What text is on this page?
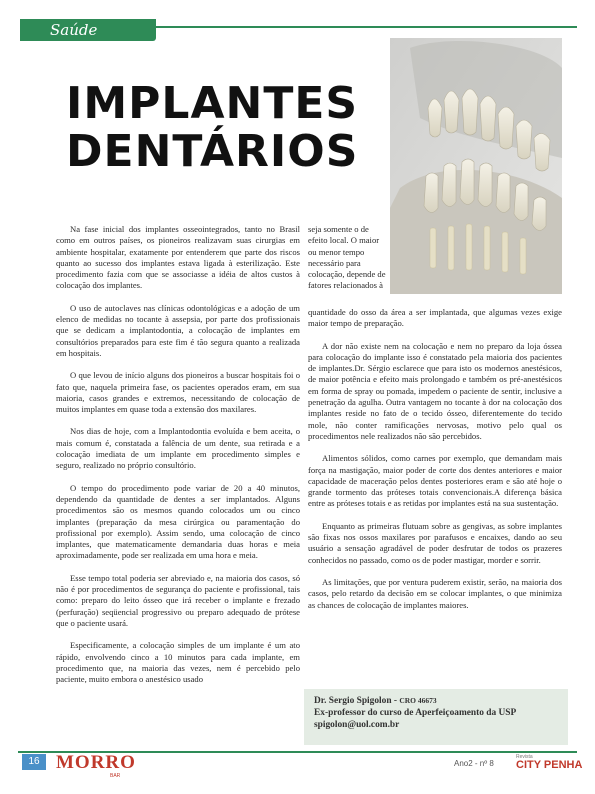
Saúde
IMPLANTES
DENTÁRIOS

Na fase inicial dos implantes osseointegrados, tanto no Brasil como em outros países, os pioneiros realizavam suas cirurgias em ambiente hospitalar, exatamente por entenderem que parte dos riscos quanto ao sucesso dos implantes estava ligada à esterilização. Este procedimento fazia com que se associasse a idéia de altos custos à colocação dos implantes.

O uso de autoclaves nas clínicas odontológicas e a adoção de um elenco de medidas no tocante à assepsia, por parte dos profissionais que se dedicam a implantodontia, a colocação de implantes em consultórios preparados para este fim é tão segura quanto a realizada em hospitais.

O que levou de início alguns dos pioneiros a buscar hospitais foi o fato que, naquela primeira fase, os pacientes operados eram, em sua maioria, casos grandes e extremos, necessitando de colocação de muitos implantes em quase toda a extensão dos maxilares.

Nos dias de hoje, com a Implantodontia evoluída e bem aceita, o mais comum é, constatada a falência de um dente, sua retirada e a colocação imediata de um implante em procedimento simples e seguro, realizado no próprio consultório.

O tempo do procedimento pode variar de 20 a 40 minutos, dependendo da quantidade de dentes a ser implantados. Alguns procedimentos são os mesmos quando colocados um ou cinco implantes (preparação da mesa cirúrgica ou paramentação do profissional por exemplo). Assim sendo, uma colocação de cinco implantes, que matematicamente demandaria duas horas e meia aproximadamente, pode ser realizada em uma hora e meia.

Esse tempo total poderia ser abreviado e, na maioria dos casos, só não é por procedimentos de segurança do paciente e profissional, tais como: preparo do leito ósseo que irá receber o implante e frezado (perfuração) seqüencial progressivo ou preparo adequado de prótese que o paciente usará.

Especificamente, a colocação simples de um implante é um ato rápido, envolvendo cinco a 10 minutos para cada implante, em procedimento que, na maioria das vezes, nem é percebido pelo paciente, muito embora o anestésico usado

seja somente o de efeito local. O maior ou menor tempo necessário para colocação, depende de fatores relacionados à

quantidade do osso da área a ser implantada, que algumas vezes exige maior tempo de preparação.

A dor não existe nem na colocação e nem no preparo da loja óssea para colocação do implante isso é constatado pela maioria dos pacientes de implantes.Dr. Sérgio esclarece que para isto os modernos anestésicos, de maior potência e efeito mais prolongado e também os pré-anestésicos em forma de spray ou pomada, impedem o paciente de sentir, inclusive a penetração da agulha. Outra vantagem no tocante à dor na colocação dos implantes reside no fato de o tecido ósseo, diferentemente do tecido mole, não conter ramificações nervosas, motivo pelo qual os procedimentos nele realizados não são percebidos.

Alimentos sólidos, como carnes por exemplo, que demandam mais força na mastigação, maior poder de corte dos dentes anteriores e maior capacidade de maceração pelos dentes posteriores eram e são até hoje o grande tormento das próteses totais convencionais.A diferença básica entre as próteses totais e as retidas por implantes está na sua sustentação.

Enquanto as primeiras flutuam sobre as gengivas, as sobre implantes são fixas nos ossos maxilares por parafusos e encaixes, dando ao seu usuário a sensação agradável de poder desfrutar de todos os prazeres conhecidos no passado, como os de poder mastigar, morder e sorrir.

As limitações, que por ventura puderem existir, serão, na maioria dos casos, pelo retardo da decisão em se colocar implantes, o que minimiza as chances de colocação de implantes maiores.

Dr. Sergio Spigolon - CRO 46673
Ex-professor do curso de Aperfeiçoamento da USP
spigolon@uol.com.br
16 MORRO
BAR
Ano2 - nº 8
Revista
CITY PENHA
